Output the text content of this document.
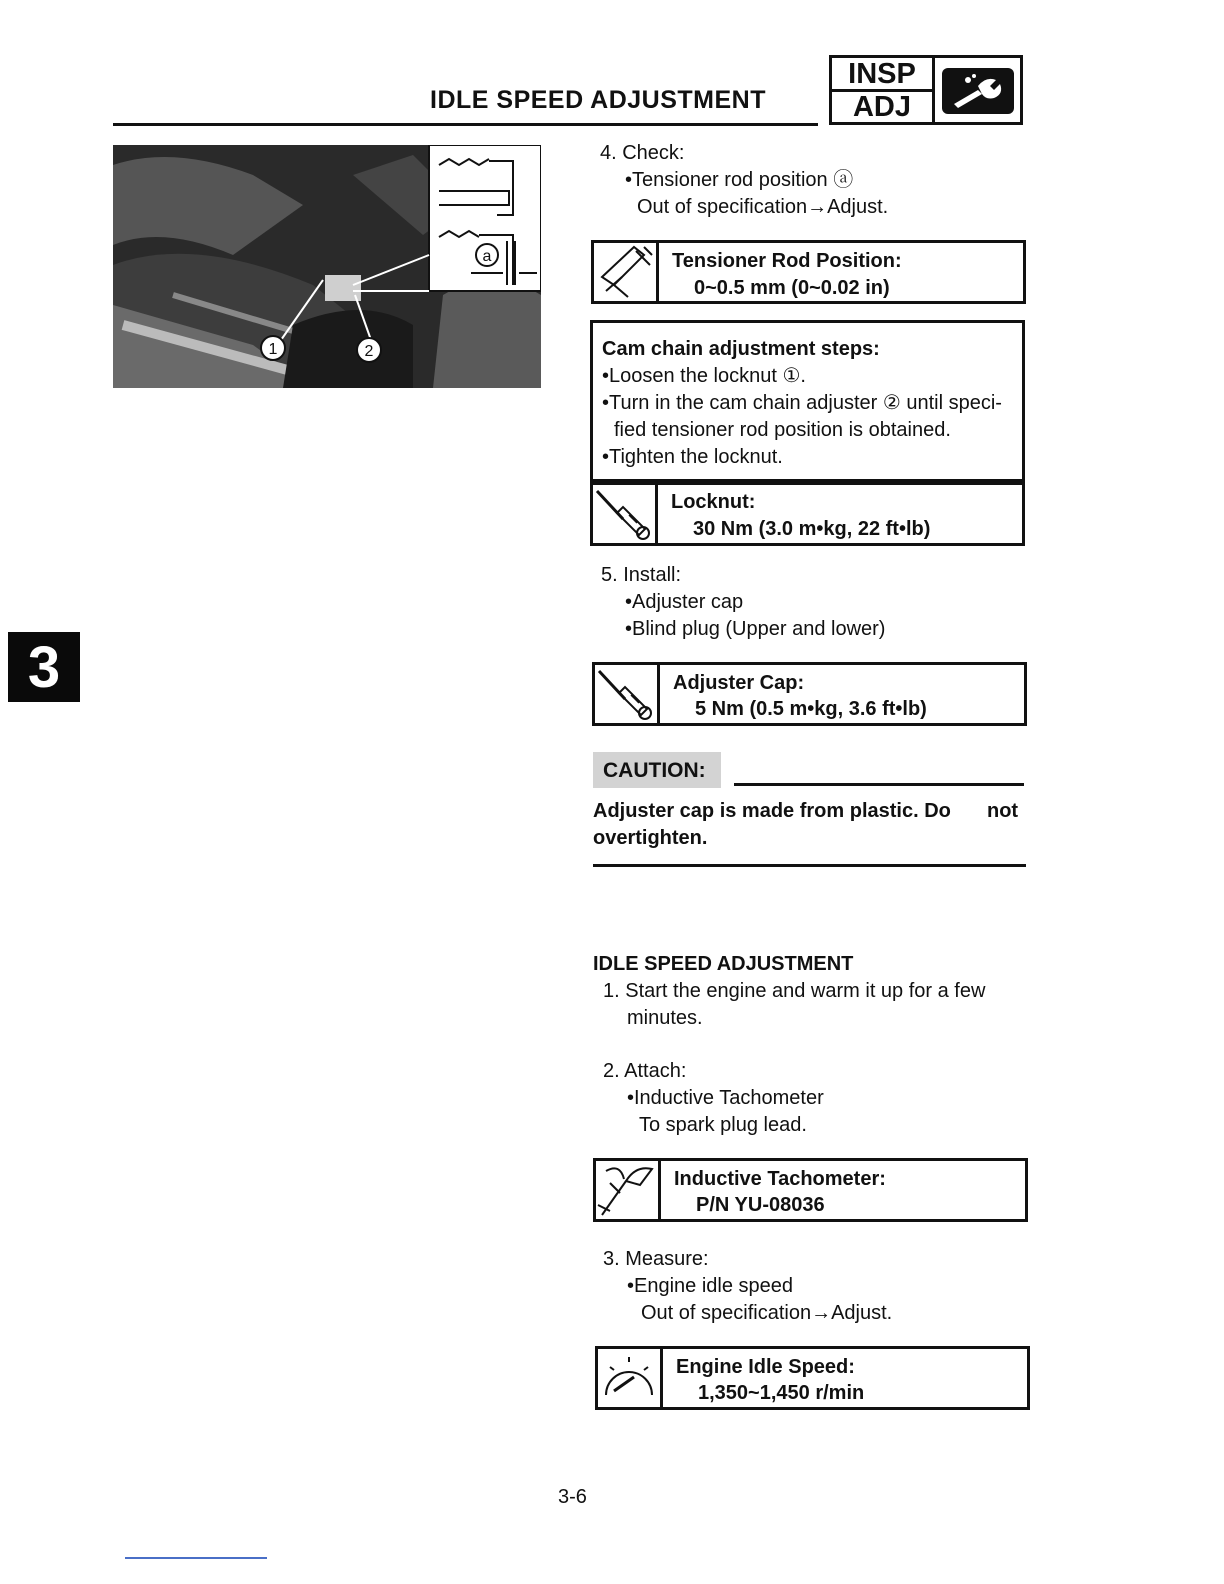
IDLE SPEED ADJUSTMENT
INSP
ADJ
a
1	2
4. Check:
•Tensioner rod position ⓐ
Out of specification→Adjust.
Tensioner Rod Position:
0~0.5 mm (0~0.02 in)
Cam chain adjustment steps:
•Loosen the locknut ①.
•Turn in the cam chain adjuster ② until speci-
fied tensioner rod position is obtained.
•Tighten the locknut.
Locknut:
30 Nm (3.0 m•kg, 22 ft•lb)
5. Install:
•Adjuster cap
•Blind plug (Upper and lower)
Adjuster Cap:
5 Nm (0.5 m•kg, 3.6 ft•lb)
CAUTION:
Adjuster cap is made from plastic. Do not
overtighten.
IDLE SPEED ADJUSTMENT
1. Start the engine and warm it up for a few
minutes.
2. Attach:
•Inductive Tachometer
To spark plug lead.
Inductive Tachometer:
P/N YU-08036
3. Measure:
•Engine idle speed
Out of specification→Adjust.
Engine Idle Speed:
1,350~1,450 r/min
3
3-6
